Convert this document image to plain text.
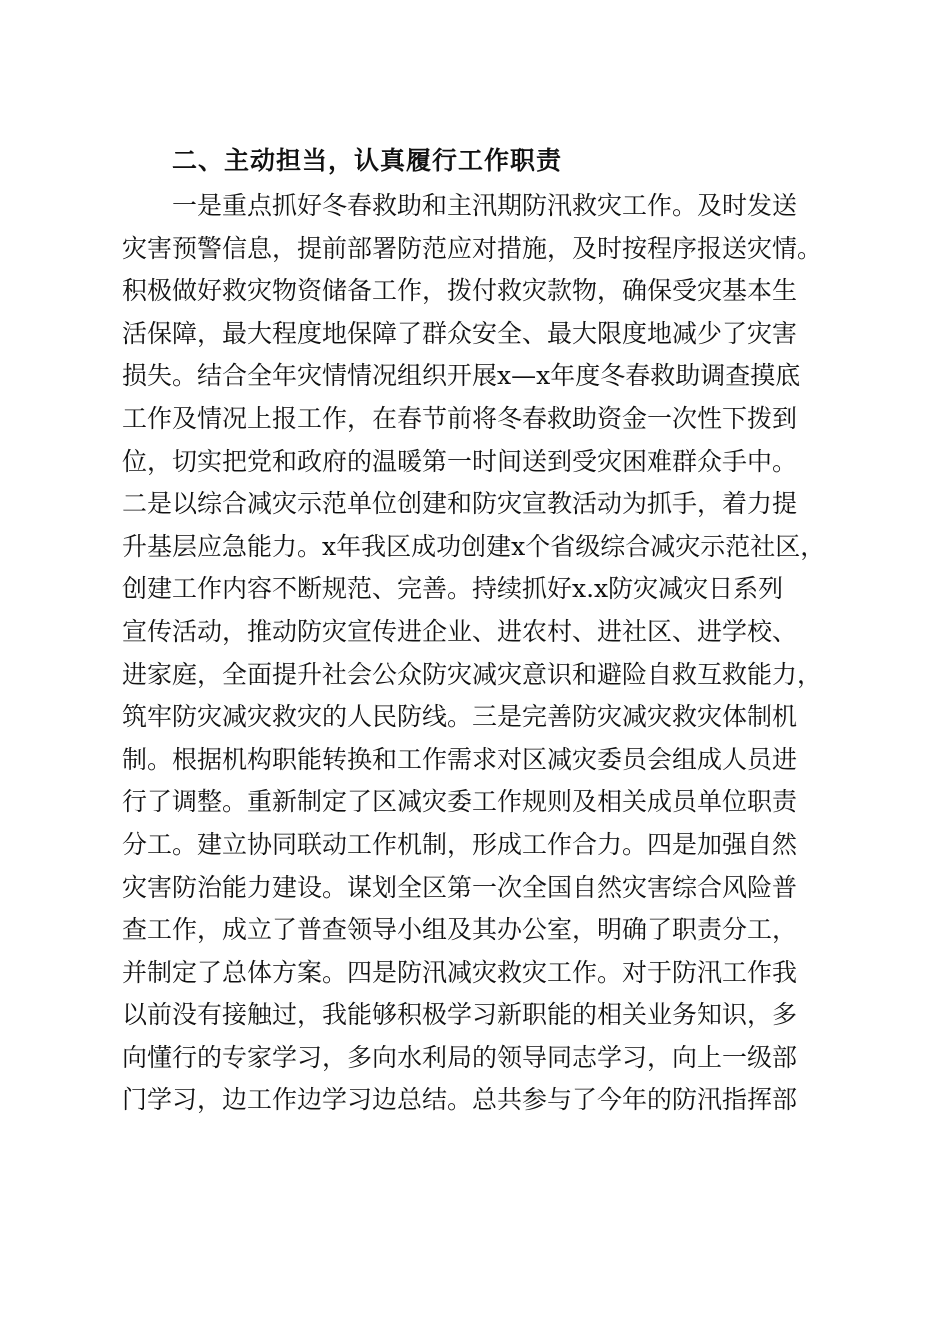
二、主动担当，认真履行工作职责
一是重点抓好冬春救助和主汛期防汛救灾工作。及时发送
灾害预警信息，提前部署防范应对措施，及时按程序报送灾情。
积极做好救灾物资储备工作，拨付救灾款物，确保受灾基本生
活保障，最大程度地保障了群众安全、最大限度地减少了灾害
损失。结合全年灾情情况组织开展x—x年度冬春救助调查摸底
工作及情况上报工作，在春节前将冬春救助资金一次性下拨到
位，切实把党和政府的温暖第一时间送到受灾困难群众手中。
二是以综合减灾示范单位创建和防灾宣教活动为抓手，着力提
升基层应急能力。x年我区成功创建x个省级综合减灾示范社区，
创建工作内容不断规范、完善。持续抓好x.x防灾减灾日系列
宣传活动，推动防灾宣传进企业、进农村、进社区、进学校、
进家庭，全面提升社会公众防灾减灾意识和避险自救互救能力，
筑牢防灾减灾救灾的人民防线。三是完善防灾减灾救灾体制机
制。根据机构职能转换和工作需求对区减灾委员会组成人员进
行了调整。重新制定了区减灾委工作规则及相关成员单位职责
分工。建立协同联动工作机制，形成工作合力。四是加强自然
灾害防治能力建设。谋划全区第一次全国自然灾害综合风险普
查工作，成立了普查领导小组及其办公室，明确了职责分工，
并制定了总体方案。四是防汛减灾救灾工作。对于防汛工作我
以前没有接触过，我能够积极学习新职能的相关业务知识，多
向懂行的专家学习，多向水利局的领导同志学习，向上一级部
门学习，边工作边学习边总结。总共参与了今年的防汛指挥部
